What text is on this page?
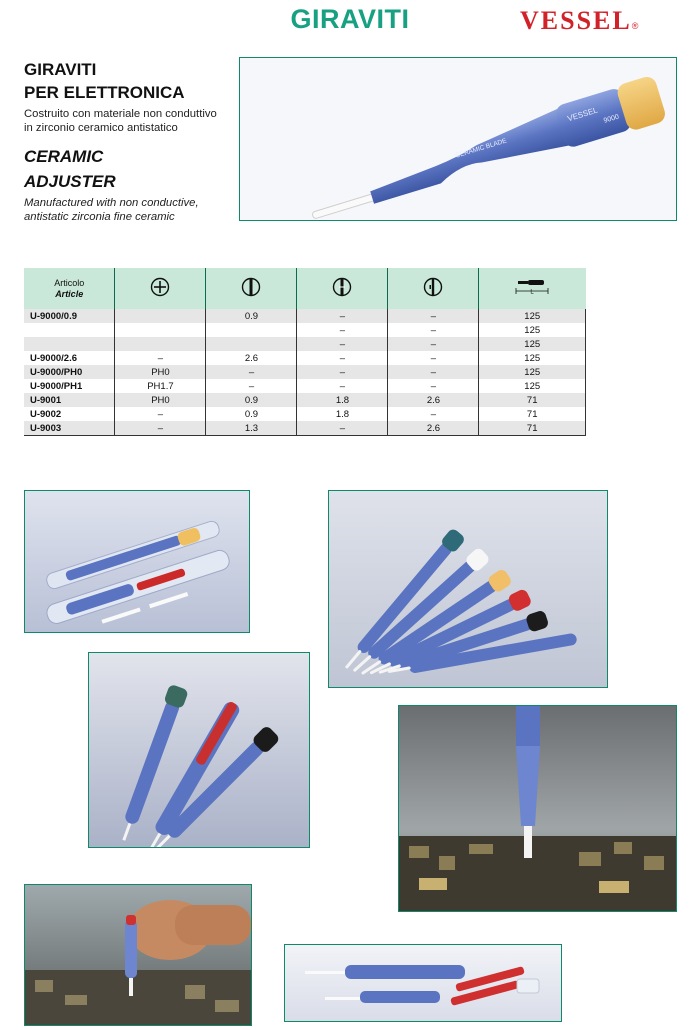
GIRAVITI	VESSEL®
GIRAVITI
PER ELETTRONICA
Costruito con materiale non conduttivo
in zirconio ceramico antistatico
CERAMIC
ADJUSTER
Manufactured with non conductive,
antistatic zirconia fine ceramic
VESSEL
CERAMIC BLADE
9000
Articolo
Article					L

U-9000/0.9		0.9	–	–	125
			–	–	125
			–	–	125
U-9000/2.6	–	2.6	–	–	125
U-9000/PH0	PH0	–	–	–	125
U-9000/PH1	PH1.7	–	–	–	125
U-9001	PH0	0.9	1.8	2.6	71
U-9002	–	0.9	1.8	–	71
U-9003	–	1.3	–	2.6	71
